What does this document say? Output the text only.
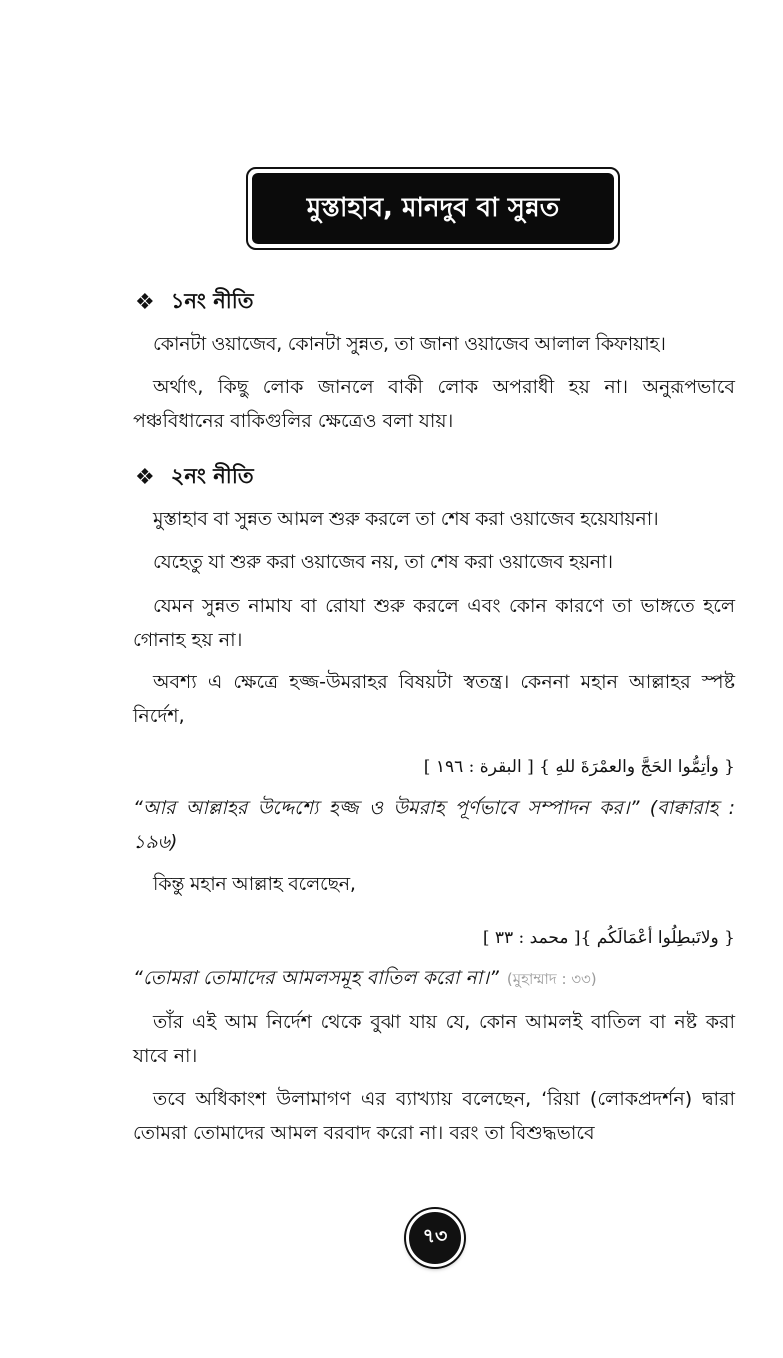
মুস্তাহাব, মানদুব বা সুন্নত
❖ ১নং নীতি
কোনটা ওয়াজেব, কোনটা সুন্নত, তা জানা ওয়াজেব আলাল কিফায়াহ।
অর্থাৎ, কিছু লোক জানলে বাকী লোক অপরাধী হয় না। অনুরূপভাবে পঞ্চবিধানের বাকিগুলির ক্ষেত্রেও বলা যায়।
❖ ২নং নীতি
মুস্তাহাব বা সুন্নত আমল শুরু করলে তা শেষ করা ওয়াজেব হয়েযায়না।
যেহেতু যা শুরু করা ওয়াজেব নয়, তা শেষ করা ওয়াজেব হয়না।
যেমন সুন্নত নামায বা রোযা শুরু করলে এবং কোন কারণে তা ভাঙ্গতে হলে গোনাহ হয় না।
অবশ্য এ ক্ষেত্রে হজ্জ-উমরাহর বিষয়টা স্বতন্ত্র। কেননা মহান আল্লাহর স্পষ্ট নির্দেশ,
{ وأتِمُّوا الحَجَّ والعمْرَةَ للهِ } [ البقرة : ١٩٦ ]
“আর আল্লাহর উদ্দেশ্যে হজ্জ ও উমরাহ পূর্ণভাবে সম্পাদন কর।” (বাক্বারাহ : ১৯৬)
কিন্তু মহান আল্লাহ বলেছেন,
{ ولاتَبطِلُوا أعْمَالَكُم }[ محمد : ٣٣ ]
“তোমরা তোমাদের আমলসমূহ বাতিল করো না।” (মুহাম্মাদ : ৩৩)
তাঁর এই আম নির্দেশ থেকে বুঝা যায় যে, কোন আমলই বাতিল বা নষ্ট করা যাবে না।
তবে অধিকাংশ উলামাগণ এর ব্যাখ্যায় বলেছেন, ‘রিয়া (লোকপ্রদর্শন) দ্বারা তোমরা তোমাদের আমল বরবাদ করো না। বরং তা বিশুদ্ধভাবে
৭৩
